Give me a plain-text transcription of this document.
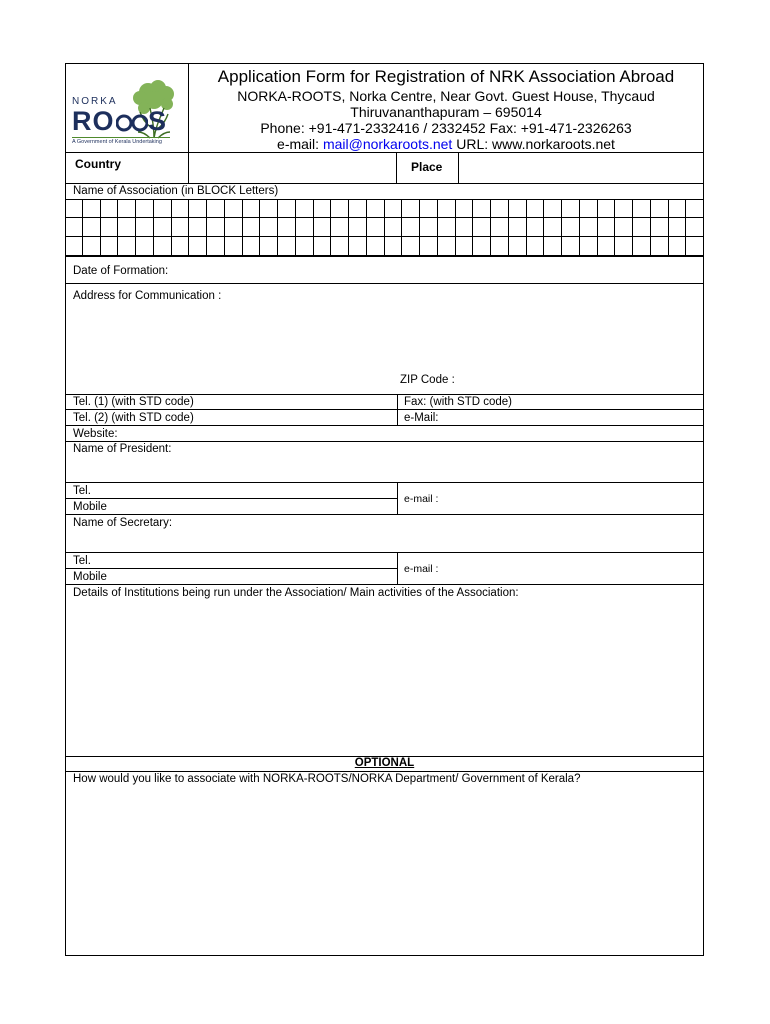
NORKA
RO S
A Government of Kerala Undertaking
Application Form for Registration of NRK Association Abroad
NORKA-ROOTS, Norka Centre, Near Govt. Guest House, Thycaud
Thiruvananthapuram – 695014
Phone: +91-471-2332416 / 2332452 Fax: +91-471-2326263
e-mail: mail@norkaroots.net URL: www.norkaroots.net
Country	Place
Name of Association (in BLOCK Letters)
Date of Formation:
Address for Communication :
ZIP Code :
Tel. (1) (with STD code)	Fax: (with STD code)
Tel. (2) (with STD code)	e-Mail:
Website:
Name of President:
Tel.
Mobile
e-mail :
Name of Secretary:
Tel.
Mobile
e-mail :
Details of Institutions being run under the Association/ Main activities of the Association:
OPTIONAL
How would you like to associate with NORKA-ROOTS/NORKA Department/ Government of Kerala?
